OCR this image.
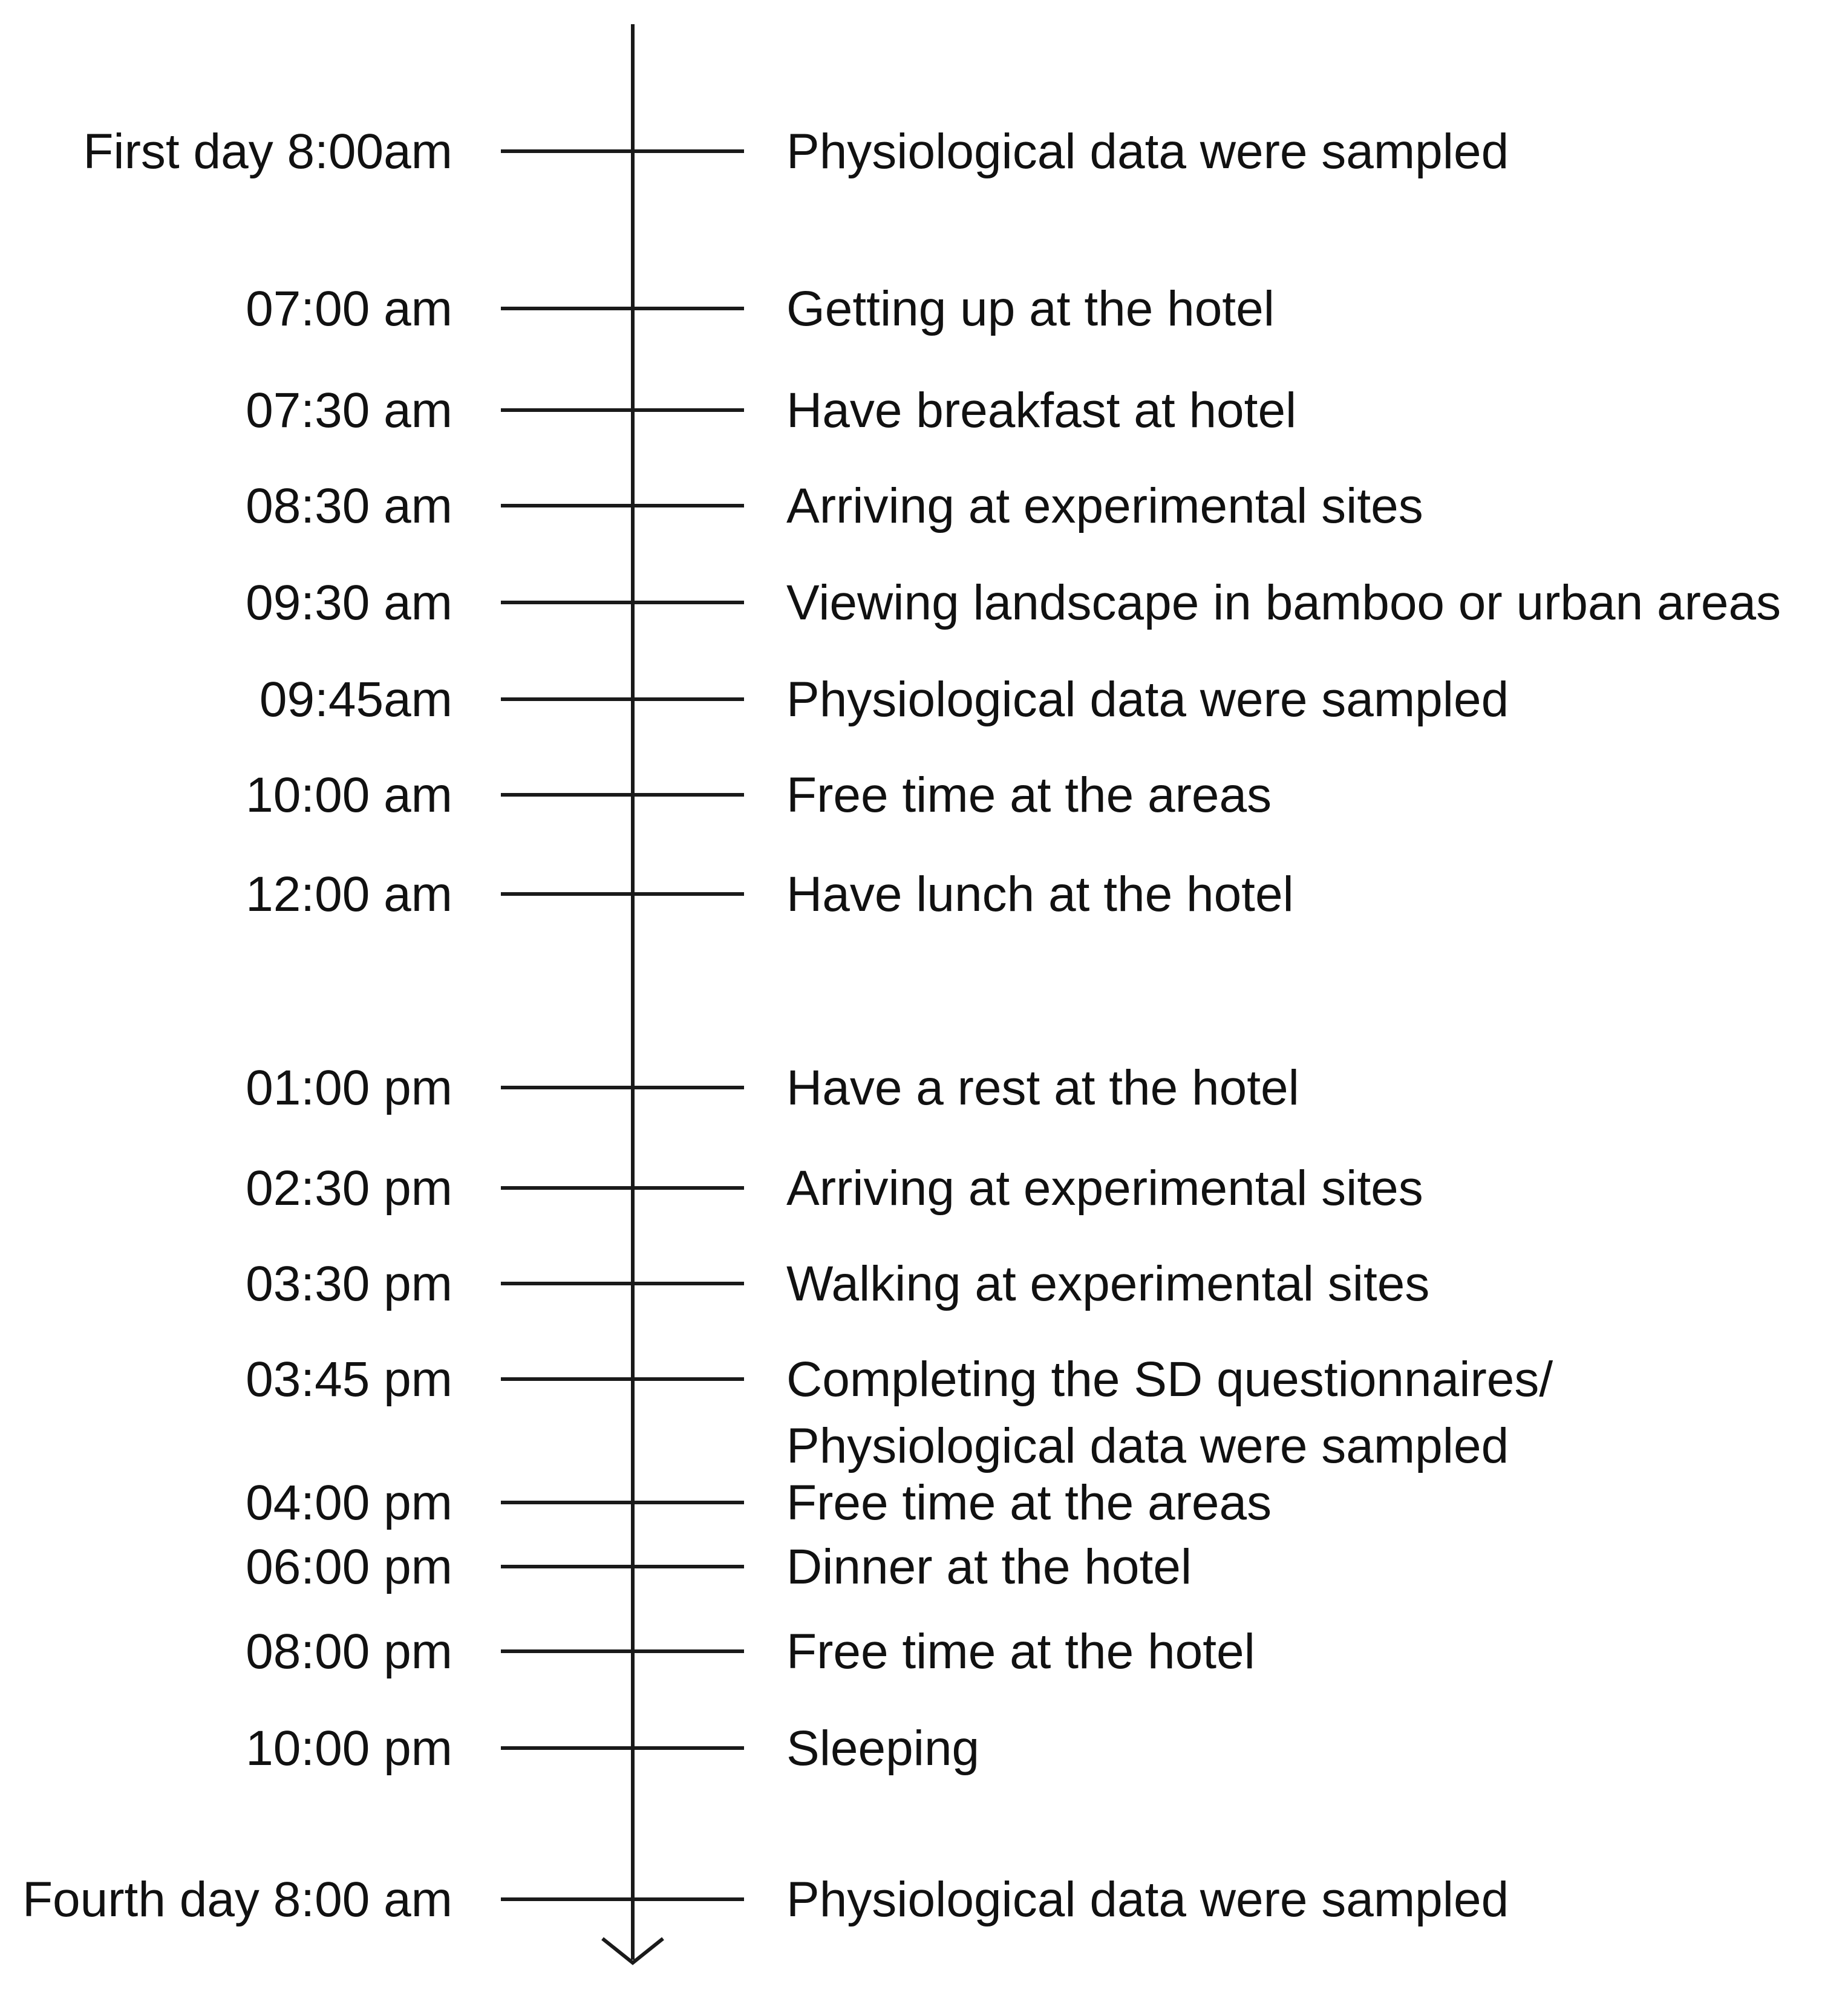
First day 8:00am	Physiological data were sampled
07:00 am	Getting up at the hotel
07:30 am	Have breakfast at hotel
08:30 am	Arriving at experimental sites
09:30 am	Viewing landscape in bamboo or urban areas
09:45am	Physiological data were sampled
10:00 am	Free time at the areas
12:00 am	Have lunch at the hotel
01:00 pm	Have a rest at the hotel
02:30 pm	Arriving at experimental sites
03:30 pm	Walking at experimental sites
03:45 pm	Completing the SD questionnaires/
Physiological data were sampled
04:00 pm	Free time at the areas
06:00 pm	Dinner at the hotel
08:00 pm	Free time at the hotel
10:00 pm	Sleeping
Fourth day 8:00 am	Physiological data were sampled
